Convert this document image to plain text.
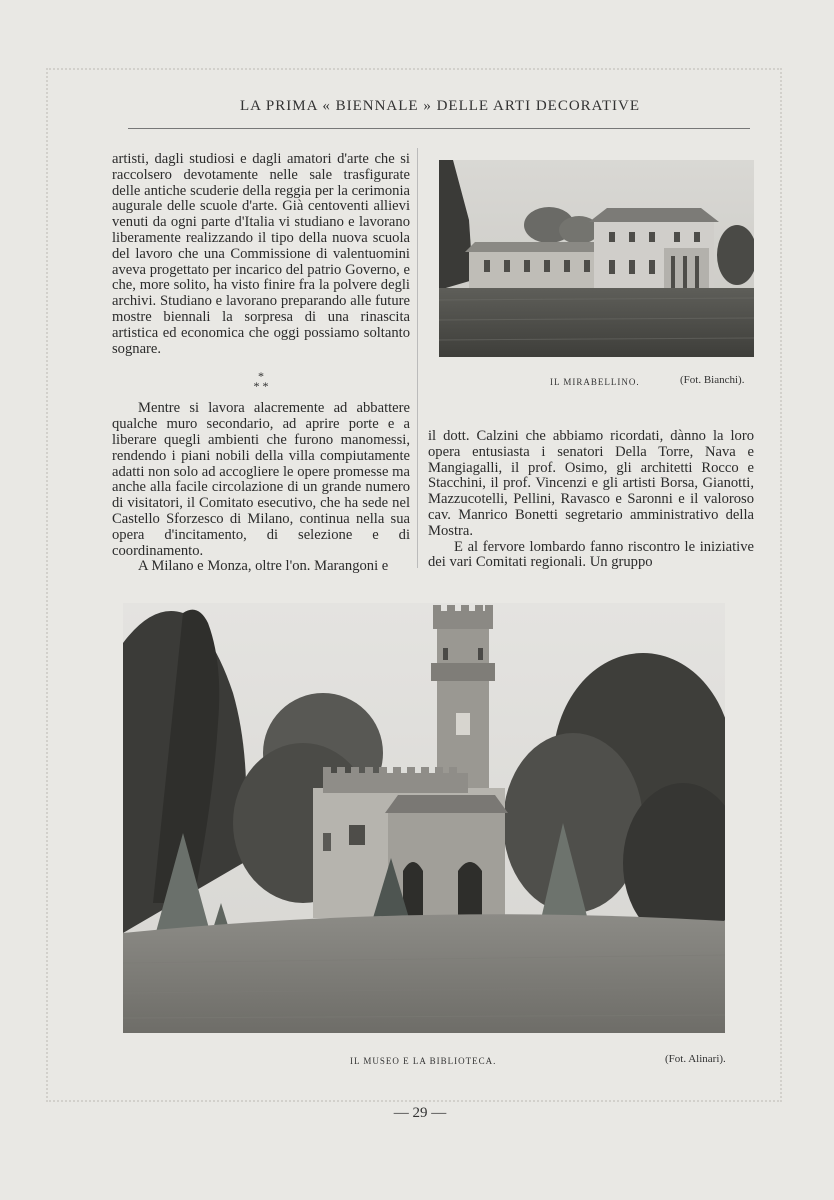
LA PRIMA « BIENNALE » DELLE ARTI DECORATIVE

artisti, dagli studiosi e dagli amatori d'arte che si raccolsero devotamente nelle sale trasfigurate delle antiche scuderie della reggia per la cerimonia augurale delle scuole d'arte. Già centoventi allievi venuti da ogni parte d'Italia vi studiano e lavorano liberamente realizzando il tipo della nuova scuola del lavoro che una Commissione di valentuomini aveva progettato per incarico del patrio Governo, e che, more solito, ha visto finire fra la polvere degli archivi. Studiano e lavorano preparando alle future mostre biennali la sorpresa di una rinascita artistica ed economica che oggi possiamo soltanto sognare.

*
* *

Mentre si lavora alacremente ad abbattere qualche muro secondario, ad aprire porte e a liberare quegli ambienti che furono manomessi, rendendo i piani nobili della villa compiutamente adatti non solo ad accogliere le opere promesse ma anche alla facile circolazione di un grande numero di visitatori, il Comitato esecutivo, che ha sede nel Castello Sforzesco di Milano, continua nella sua opera d'incitamento, di selezione e di coordinamento.

A Milano e Monza, oltre l'on. Marangoni e

IL MIRABELLINO.	(Fot. Bianchi).

il dott. Calzini che abbiamo ricordati, dànno la loro opera entusiasta i senatori Della Torre, Nava e Mangiagalli, il prof. Osimo, gli architetti Rocco e Stacchini, il prof. Vincenzi e gli artisti Borsa, Gianotti, Mazzucotelli, Pellini, Ravasco e Saronni e il valoroso cav. Manrico Bonetti segretario amministrativo della Mostra.

E al fervore lombardo fanno riscontro le iniziative dei vari Comitati regionali. Un gruppo

IL MUSEO E LA BIBLIOTECA.	(Fot. Alinari).
— 29 —
